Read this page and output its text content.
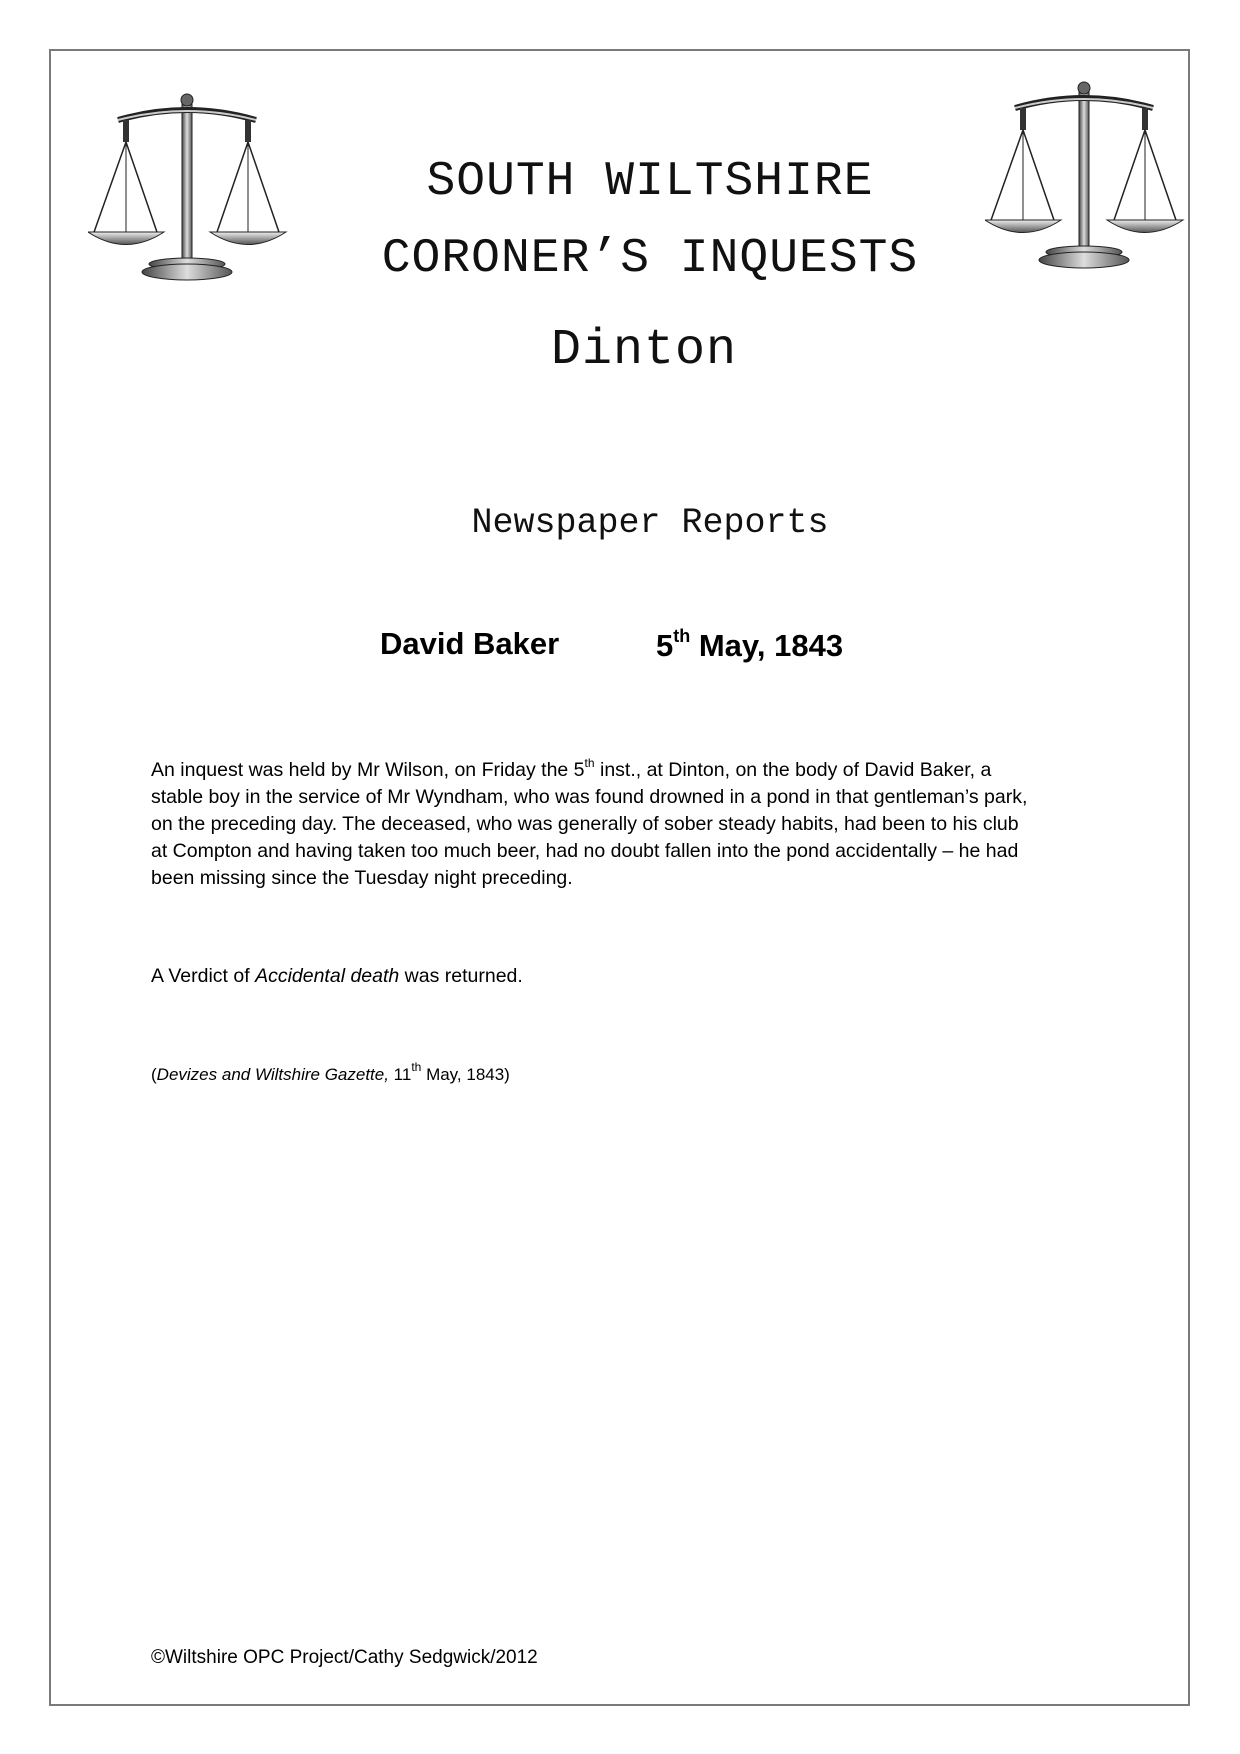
SOUTH WILTSHIRE
CORONER’S INQUESTS
Dinton
Newspaper Reports
David Baker	5th May, 1843
An inquest was held by Mr Wilson, on Friday the 5th inst., at Dinton, on the body of David Baker, a
stable boy in the service of Mr Wyndham, who was found drowned in a pond in that gentleman’s park,
on the preceding day. The deceased, who was generally of sober steady habits, had been to his club
at Compton and having taken too much beer, had no doubt fallen into the pond accidentally – he had
been missing since the Tuesday night preceding.
A Verdict of Accidental death was returned.
(Devizes and Wiltshire Gazette, 11th May, 1843)
©Wiltshire OPC Project/Cathy Sedgwick/2012
